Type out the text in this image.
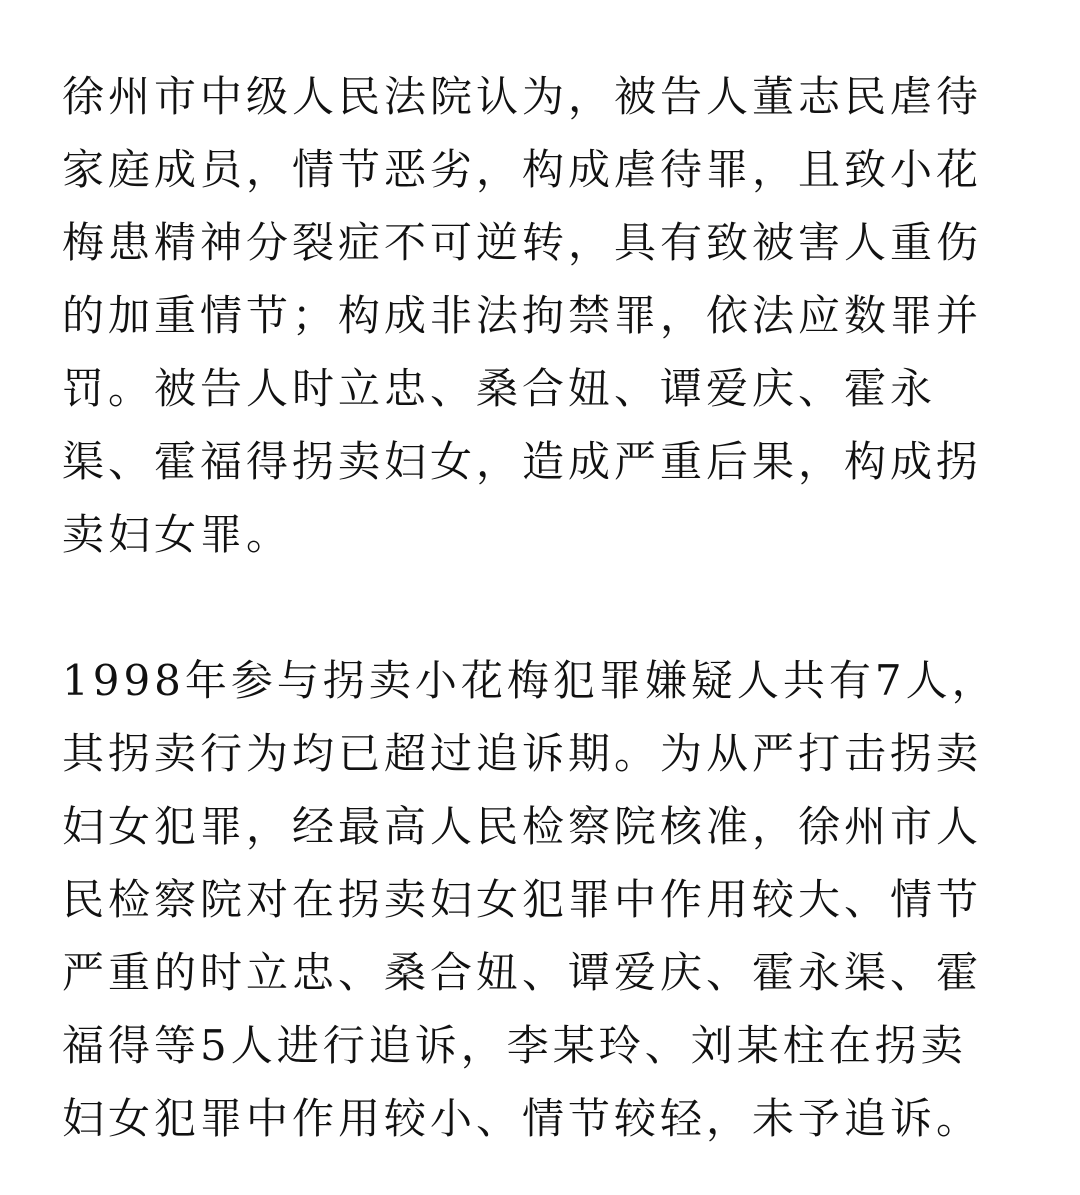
徐州市中级人民法院认为，被告人董志民虐待
家庭成员，情节恶劣，构成虐待罪，且致小花
梅患精神分裂症不可逆转，具有致被害人重伤
的加重情节；构成非法拘禁罪，依法应数罪并
罚。被告人时立忠、桑合妞、谭爱庆、霍永
渠、霍福得拐卖妇女，造成严重后果，构成拐
卖妇女罪。

1998年参与拐卖小花梅犯罪嫌疑人共有7人，
其拐卖行为均已超过追诉期。为从严打击拐卖
妇女犯罪，经最高人民检察院核准，徐州市人
民检察院对在拐卖妇女犯罪中作用较大、情节
严重的时立忠、桑合妞、谭爱庆、霍永渠、霍
福得等5人进行追诉，李某玲、刘某柱在拐卖
妇女犯罪中作用较小、情节较轻，未予追诉。
